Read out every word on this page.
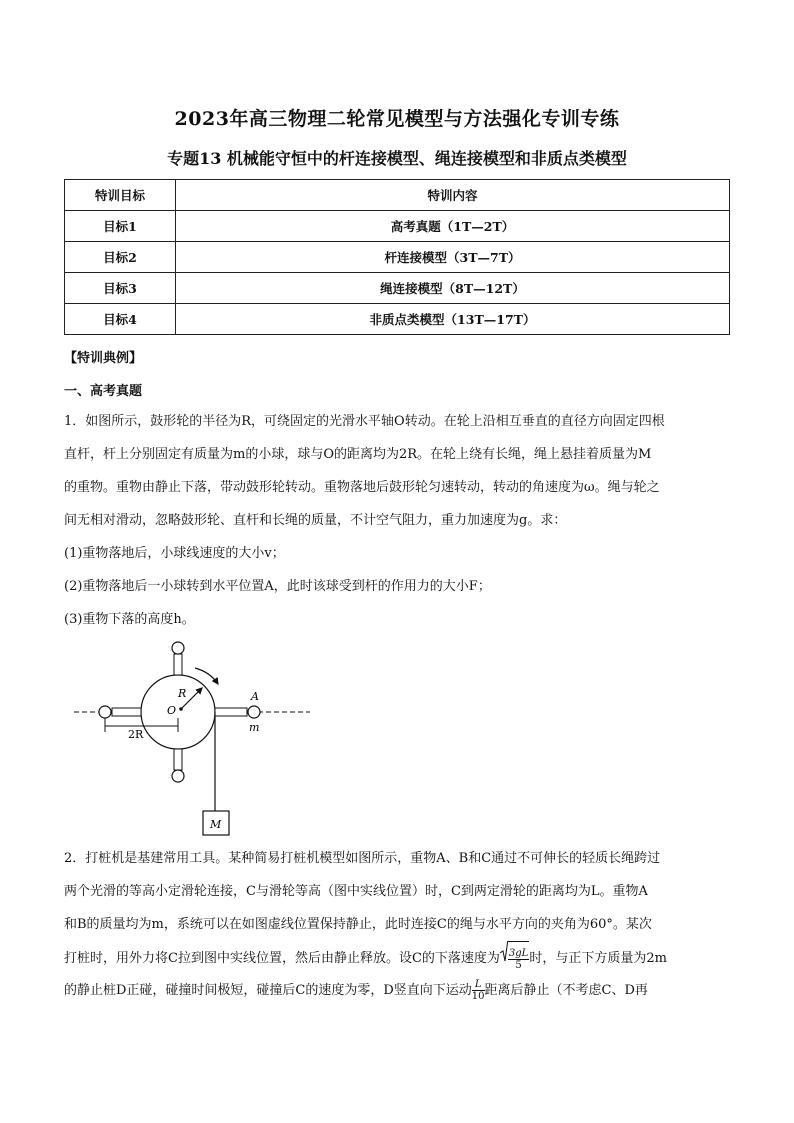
2023年高三物理二轮常见模型与方法强化专训专练
专题13 机械能守恒中的杆连接模型、绳连接模型和非质点类模型
特训目标	特训内容
目标1	高考真题（1T—2T）
目标2	杆连接模型（3T—7T）
目标3	绳连接模型（8T—12T）
目标4	非质点类模型（13T—17T）
【特训典例】
一、高考真题
1．如图所示，鼓形轮的半径为R，可绕固定的光滑水平轴O转动。在轮上沿相互垂直的直径方向固定四根
直杆，杆上分别固定有质量为m的小球，球与O的距离均为2R。在轮上绕有长绳，绳上悬挂着质量为M
的重物。重物由静止下落，带动鼓形轮转动。重物落地后鼓形轮匀速转动，转动的角速度为ω。绳与轮之
间无相对滑动，忽略鼓形轮、直杆和长绳的质量，不计空气阻力，重力加速度为g。求：
(1)重物落地后，小球线速度的大小v；
(2)重物落地后一小球转到水平位置A，此时该球受到杆的作用力的大小F；
(3)重物下落的高度h。
R
O
A
m
2R
M
2．打桩机是基建常用工具。某种简易打桩机模型如图所示，重物A、B和C通过不可伸长的轻质长绳跨过
两个光滑的等高小定滑轮连接，C与滑轮等高（图中实线位置）时，C到两定滑轮的距离均为L。重物A
和B的质量均为m，系统可以在如图虚线位置保持静止，此时连接C的绳与水平方向的夹角为60°。某次
打桩时，用外力将C拉到图中实线位置，然后由静止释放。设C的下落速度为 $\frac{3gL}{5}$ 时，与正下方质量为2m
的静止桩D正碰，碰撞时间极短，碰撞后C的速度为零，D竖直向下运动 $\frac{L}{10}$ 距离后静止（不考虑C、D再
